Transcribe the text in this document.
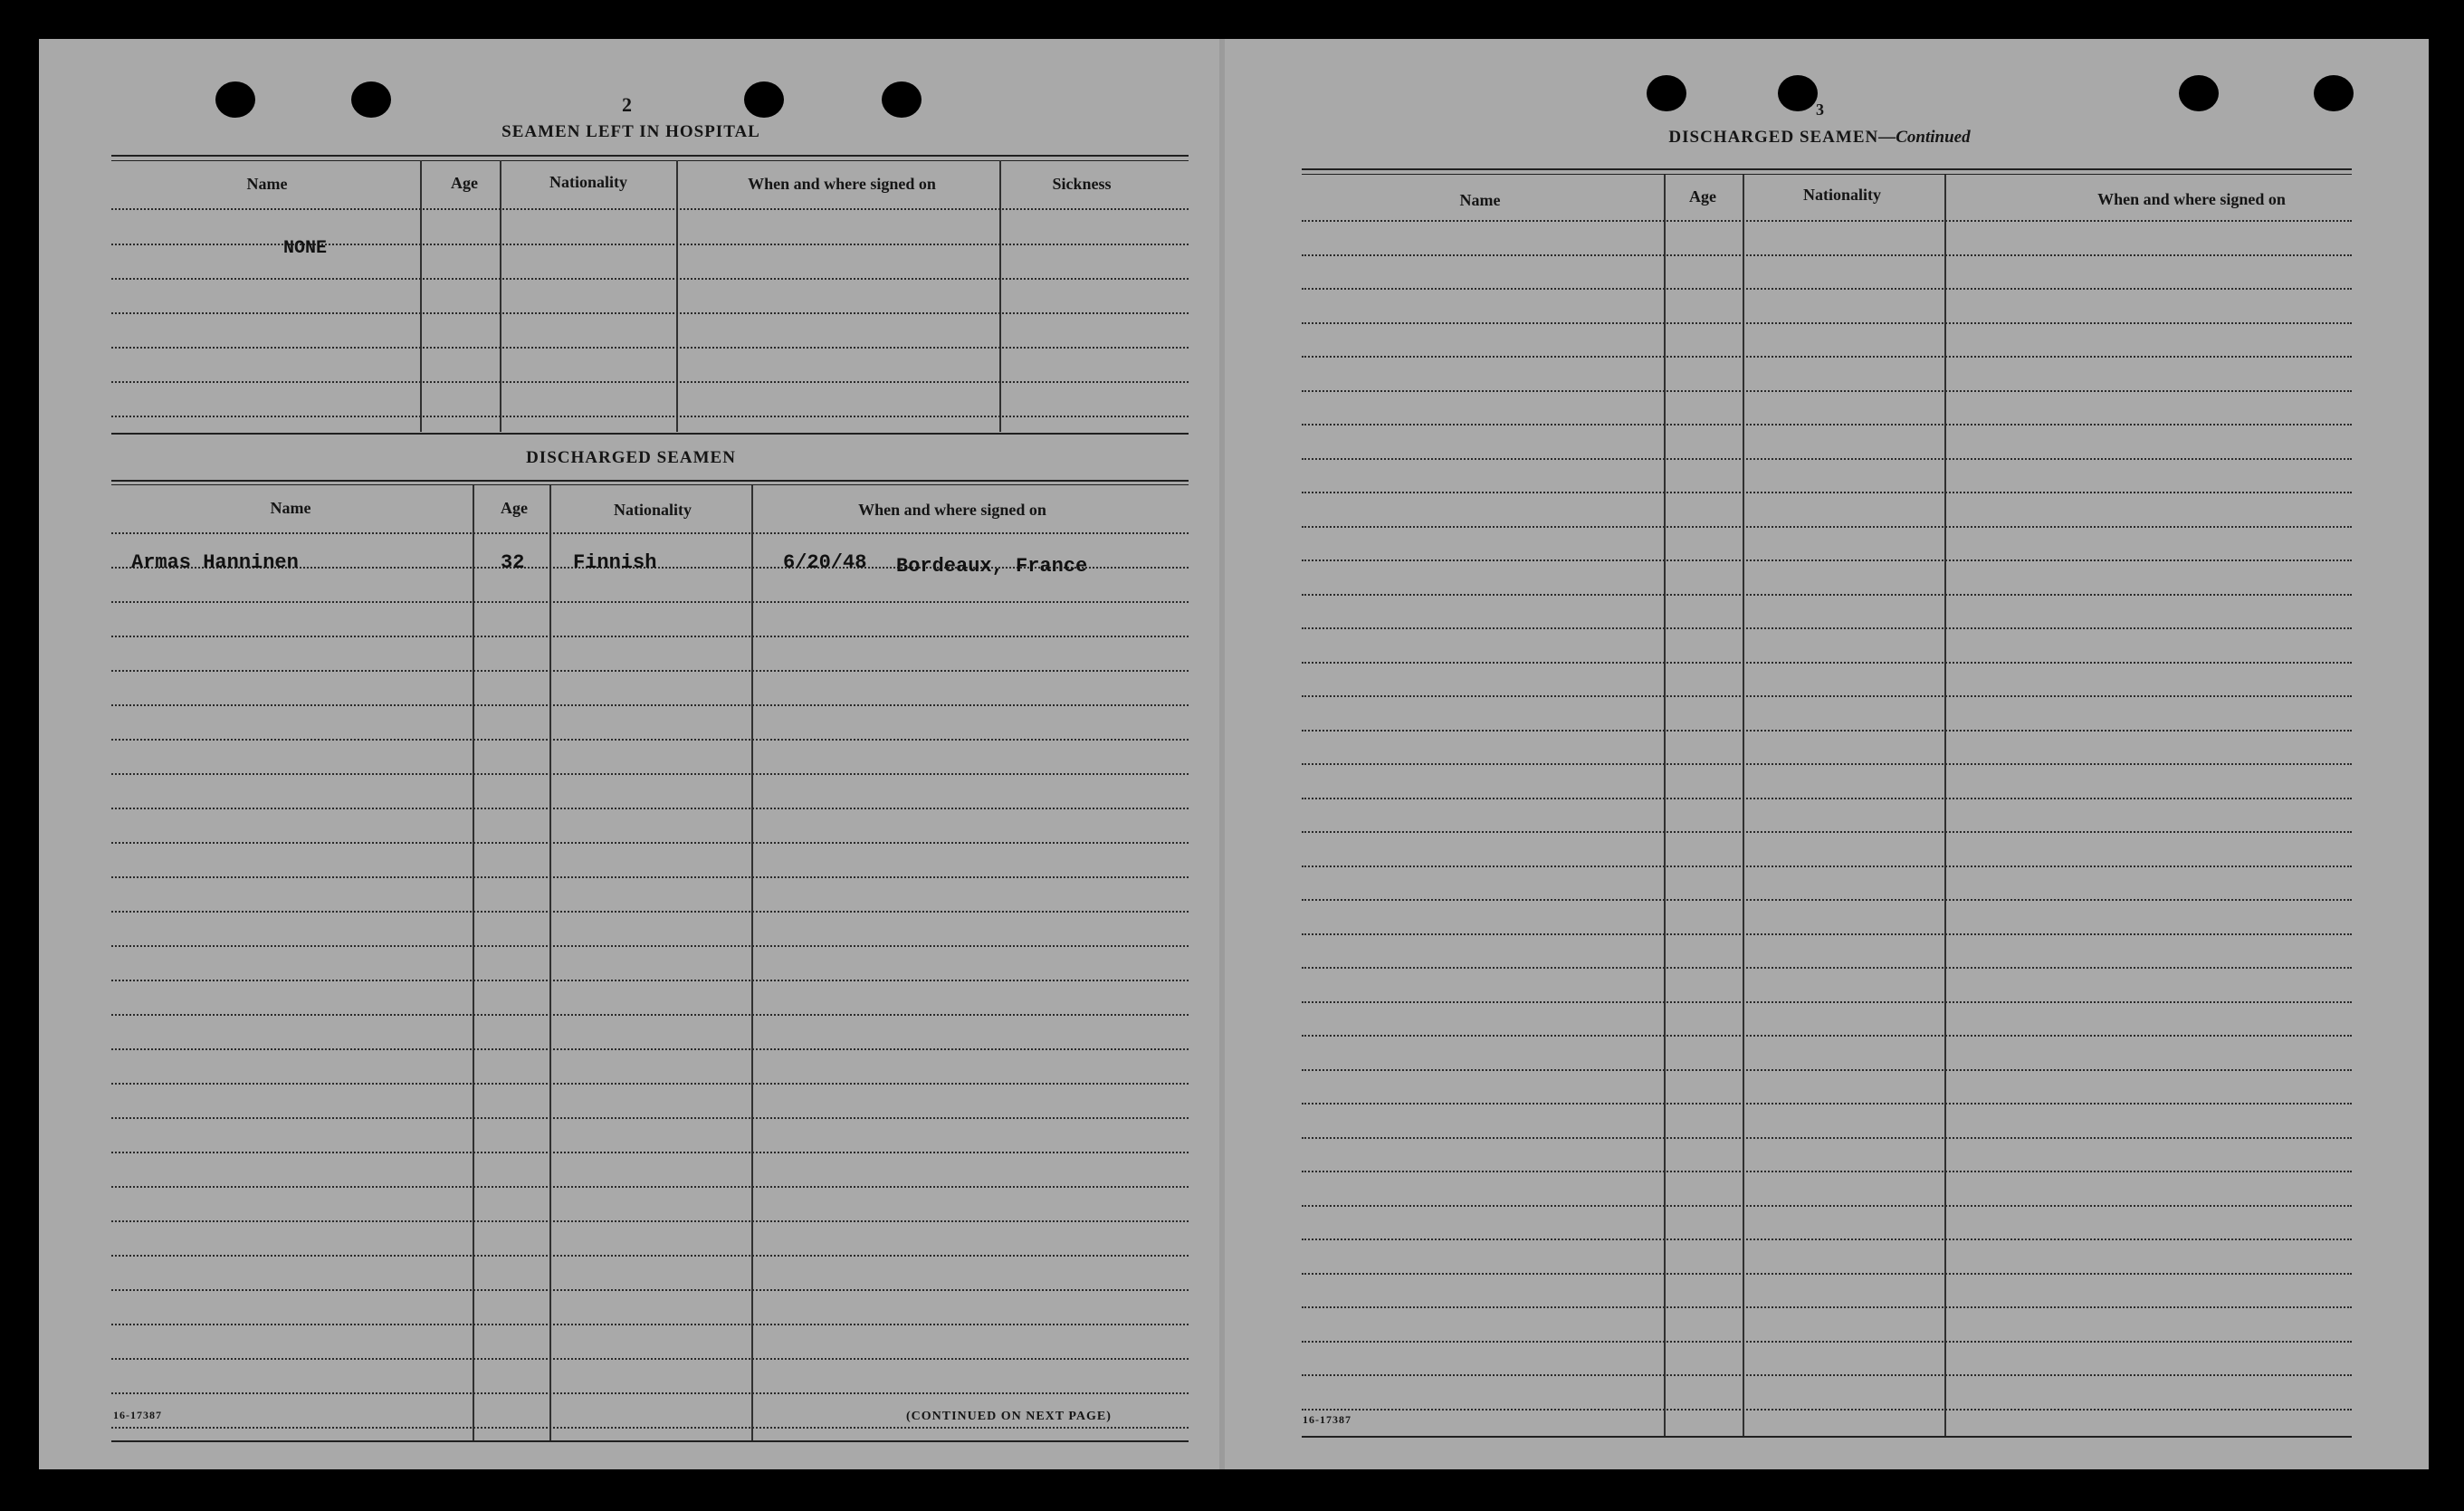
2
SEAMEN LEFT IN HOSPITAL
Name	Age	Nationality	When and where signed on	Sickness
NONE
DISCHARGED SEAMEN
Name	Age	Nationality	When and where signed on
Armas Hanninen	32 Finnish	6/20/48 Bordeaux, France
16-17387	(CONTINUED ON NEXT PAGE)
3
DISCHARGED SEAMEN—Continued
Name	Age	Nationality	When and where signed on
16-17387
